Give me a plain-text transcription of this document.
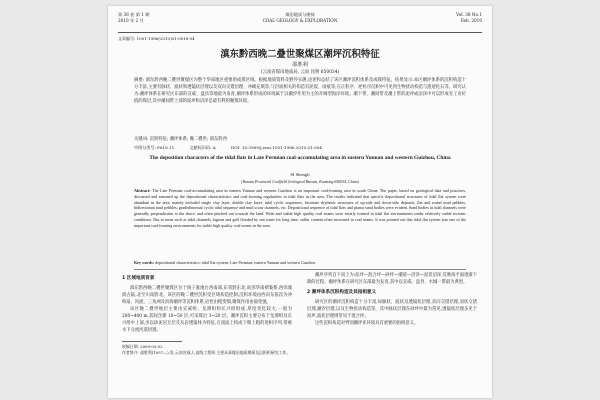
第 38 卷 第 1 期
2010 年 2 月
煤田地质与勘探
COAL GEOLOGY & EXPLORATION
Vol. 38 No.1
Feb. 2010
文章编号: 1001-1986(2010)01-0018-04
滇东黔西晚二叠世聚煤区潮坪沉积特征
邵胜利
(云南省煤田地质局, 云南 昆明 650034)
摘要: 滇东黔西晚二叠世聚煤区为整个华南地区重要的成煤区域。根据地质资料及野外实测,论述和总结了该区潮坪沉积体系及成煤特征。结果显示:本区潮坪体系的沉积构造十分丰富,主要有脉状、波状和透镜状层理以及双向交错层理、冲刷充填等,与层面相关的构造有泥裂、雨痕等;在正粒序、逆粒序沉积中可见到生物扰动构造与遗迹化石等。研究认为:潮坪体系在研究区东部的宣威、盘县等地最为发育,潮坪体系形成的环境属于以潮汐作用为主的开阔型海岸环境。潮下带、潮间带及潮上带的泥坪或沼泽中可以形成有工业价值的煤层,其中潮间带上部的泥坪和沼泽是最有利的聚煤环境。
关键词: 沉积特征; 潮坪体系; 晚二叠世; 滇东黔西
中图分类号: P618.11	文献标识码: A	DOI: 10.3969/j.issn.1001-1986.2010.01.004
The deposition characters of the tidal flats in Late Permian coal-accumulating area in eastern Yunnan and western Guizhou, China
SI Shengli
(Yunnan Provincial Coalfield Geological Bureau, Kunming 650034, China)
Abstract: The Late Permian coal-accumulating area in eastern Yunnan and western Guizhou is an important coal-forming area in south China. The paper, based on geological data and practices, discussed and summed up the depositional characteristics and coal-forming regularities in tidal flats in the area. The results indicated that specific depositional structures of tidal flat system were abundant in the area, mainly included single clay layer, double clay layer, tidal cyclic sequences, bivariate rhythmic structures of up-side and down-side deposits, flat and round mud pebbles, bidirectional mud pebbles, graded/normal cyclic tidal sequence and mud scour channels, etc. Depositional sequence of tidal flats and planar sand bodies were evident. Sand bodies in tidal channels were generally perpendicular to the shore, and often pinched out towards the land. Wide and stable high quality coal seams were mostly formed in tidal flat environments under relatively stable tectonic conditions. But in areas such as tidal channels, lagoon and gulf flooded by sea water for long time, sulfur content often increased in coal seams. It was pointed out that tidal flat system was one of the important coal-forming environments for stable high quality coal seams in the area.
Key words: depositional characteristics; tidal flat system; Late Permian; eastern Yunnan and western Guizhou
1 区域地质背景

滇东黔西晚二叠世聚煤区位于扬子准地台西南部,东邻黔东北,南邻华南褶皱系,西邻康滇古陆,北至川南黔北。该区的晚二叠世沉积受区域构造控制,沉积环境由西向东依次为冲积扇、河流、三角洲及滨海潮坪等沉积体系,岩性由粗变细,聚煤作用由弱变强。

该区晚二叠世地层主要由宣威组、龙潭组和长兴组组成,厚度变化较大,一般为 200~400 m,其间含煤 10~50 层,可采煤层 3~20 层。潮坪沉积主要分布于龙潭组及长兴组中上部,多以砂泥岩互层及灰岩透镜体为特征,在剖面上构成下细上粗的进积序列,常被水下分流河道切割。

收稿日期: 2009-03-02

作者简介: 邵胜利(1957—),男,云南宣威人,高级工程师,主要从事煤田地质勘探及沉积相研究工作。

潮坪序列自下而上为:泥坪—混合坪—砂坪—潮道—沼泽—泥炭沼泽,反映海平面逐渐下降的过程。潮坪体系在研究区东部最为发育,其中以宣威、盘县、水城一带最为典型。

2 潮坪体系沉积构造及其指相意义

研究区的潮坪沉积构造十分丰富,如脉状、波状及透镜状层理,双向交错层理,羽状交错层理,潮汐层理,以及生物扰动构造等。其中脉状层理在砂坪中最为常见,透镜状层理多见于泥坪,波状层理则常见于混合坪。

这些沉积构造对判别潮坪亚环境具有重要的指相意义。
